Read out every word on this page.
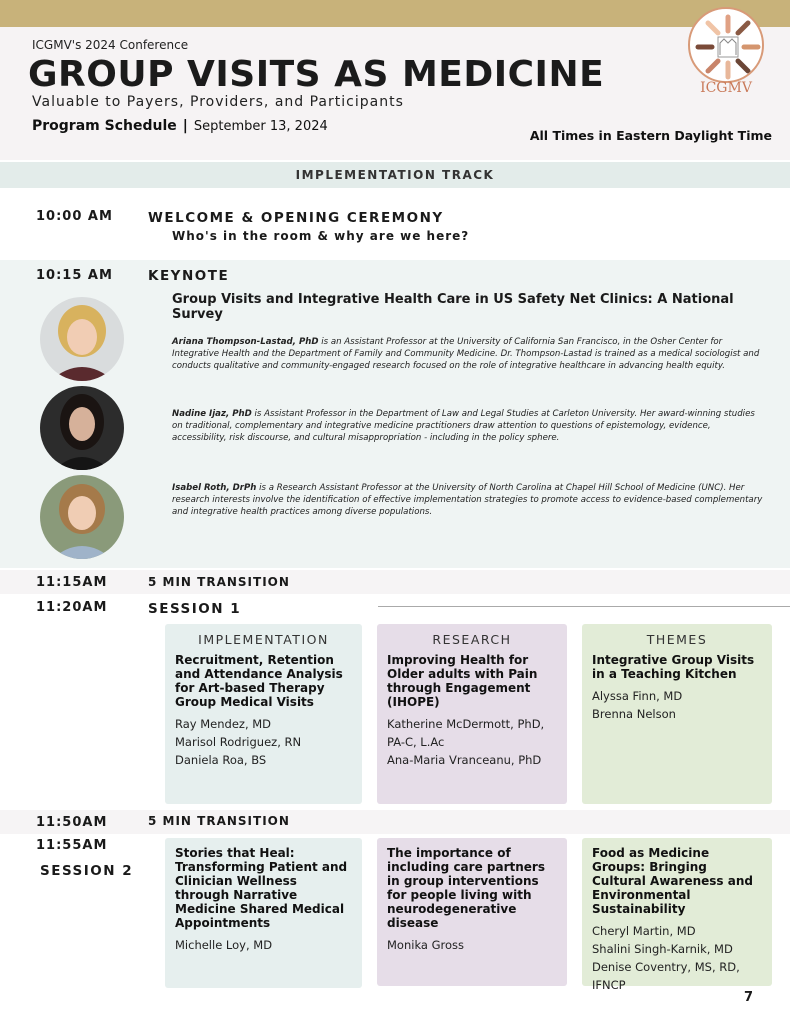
ICGMV's 2024 Conference
GROUP VISITS AS MEDICINE
Valuable to Payers, Providers, and Participants
Program Schedule | September 13, 2024
All Times in Eastern Daylight Time
ICGMV
IMPLEMENTATION TRACK
10:00 AM	WELCOME & OPENING CEREMONY
Who's in the room & why are we here?
10:15 AM	KEYNOTE
Group Visits and Integrative Health Care in US Safety Net Clinics: A National Survey
Ariana Thompson-Lastad, PhD is an Assistant Professor at the University of California San Francisco, in the Osher Center for Integrative Health and the Department of Family and Community Medicine. Dr. Thompson-Lastad is trained as a medical sociologist and conducts qualitative and community-engaged research focused on the role of integrative healthcare in advancing health equity.
Nadine Ijaz, PhD is Assistant Professor in the Department of Law and Legal Studies at Carleton University. Her award-winning studies on traditional, complementary and integrative medicine practitioners draw attention to questions of epistemology, evidence, accessibility, risk discourse, and cultural misappropriation - including in the policy sphere.
Isabel Roth, DrPh is a Research Assistant Professor at the University of North Carolina at Chapel Hill School of Medicine (UNC). Her research interests involve the identification of effective implementation strategies to promote access to evidence-based complementary and integrative health practices among diverse populations.
11:15AM	5 MIN TRANSITION
11:20AM	SESSION 1
IMPLEMENTATION
Recruitment, Retention and Attendance Analysis for Art-based Therapy Group Medical Visits
Ray Mendez, MD
Marisol Rodriguez, RN
Daniela Roa, BS
RESEARCH
Improving Health for Older adults with Pain through Engagement (IHOPE)
Katherine McDermott, PhD,
PA-C, L.Ac
Ana-Maria Vranceanu, PhD
THEMES
Integrative Group Visits in a Teaching Kitchen
Alyssa Finn, MD
Brenna Nelson
11:50AM	5 MIN TRANSITION
11:55AM
SESSION 2
Stories that Heal: Transforming Patient and Clinician Wellness through Narrative Medicine Shared Medical Appointments
Michelle Loy, MD
The importance of including care partners in group interventions for people living with neurodegenerative disease
Monika Gross
Food as Medicine Groups: Bringing Cultural Awareness and Environmental Sustainability
Cheryl Martin, MD
Shalini Singh-Karnik, MD
Denise Coventry, MS, RD, IFNCP
7
